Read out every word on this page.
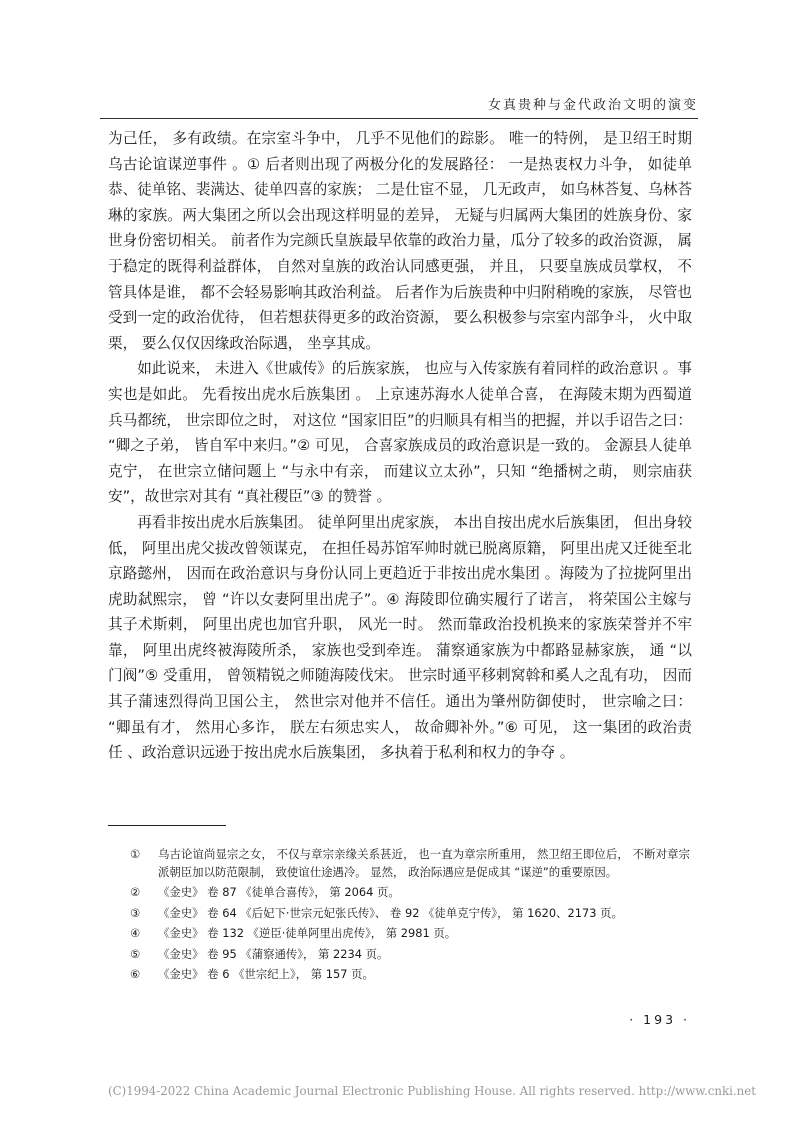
女真贵种与金代政治文明的演变

为己任， 多有政绩。在宗室斗争中， 几乎不见他们的踪影。 唯一的特例， 是卫绍王时期乌古论谊谋逆事件 。① 后者则出现了两极分化的发展路径： 一是热衷权力斗争， 如徒单恭、徒单铭、裴满达、徒单四喜的家族； 二是仕宦不显， 几无政声， 如乌林荅复、乌林荅琳的家族。两大集团之所以会出现这样明显的差异， 无疑与归属两大集团的姓族身份、家世身份密切相关。 前者作为完颜氏皇族最早依靠的政治力量，瓜分了较多的政治资源， 属于稳定的既得利益群体， 自然对皇族的政治认同感更强， 并且， 只要皇族成员掌权， 不管具体是谁， 都不会轻易影响其政治利益。 后者作为后族贵种中归附稍晚的家族， 尽管也受到一定的政治优待， 但若想获得更多的政治资源， 要么积极参与宗室内部争斗， 火中取栗， 要么仅仅因缘政治际遇， 坐享其成。

如此说来， 未进入《世戚传》的后族家族， 也应与入传家族有着同样的政治意识 。事实也是如此。 先看按出虎水后族集团 。 上京速苏海水人徒单合喜， 在海陵末期为西蜀道兵马都统， 世宗即位之时， 对这位 “国家旧臣”的归顺具有相当的把握，并以手诏告之曰： “卿之子弟， 皆自军中来归。”② 可见， 合喜家族成员的政治意识是一致的。 金源县人徒单克宁， 在世宗立储问题上 “与永中有亲， 而建议立太孙”，只知 “绝播树之萌， 则宗庙获安”，故世宗对其有 “真社稷臣”③ 的赞誉 。

再看非按出虎水后族集团。 徒单阿里出虎家族， 本出自按出虎水后族集团， 但出身较低， 阿里出虎父拔改曾领谋克， 在担任曷苏馆军帅时就已脱离原籍， 阿里出虎又迁徙至北京路懿州， 因而在政治意识与身份认同上更趋近于非按出虎水集团 。海陵为了拉拢阿里出虎助弑熙宗， 曾 “许以女妻阿里出虎子”。④ 海陵即位确实履行了诺言， 将荣国公主嫁与其子术斯剌， 阿里出虎也加官升职， 风光一时。 然而靠政治投机换来的家族荣誉并不牢靠， 阿里出虎终被海陵所杀， 家族也受到牵连。 蒲察通家族为中都路显赫家族， 通 “以门阀”⑤ 受重用， 曾领精锐之师随海陵伐宋。 世宗时通平移剌窝斡和奚人之乱有功， 因而其子蒲速烈得尚卫国公主， 然世宗对他并不信任。通出为肇州防御使时， 世宗喻之曰： “卿虽有才， 然用心多诈， 朕左右须忠实人， 故命卿补外。”⑥ 可见， 这一集团的政治责任 、政治意识远逊于按出虎水后族集团， 多执着于私利和权力的争夺 。

①	乌古论谊尚显宗之女， 不仅与章宗亲缘关系甚近， 也一直为章宗所重用， 然卫绍王即位后， 不断对章宗派朝臣加以防范限制， 致使谊仕途遇冷。 显然， 政治际遇应是促成其 “谋逆”的重要原因。
②	《金史》 卷 87 《徒单合喜传》， 第 2064 页。
③	《金史》 卷 64 《后妃下·世宗元妃张氏传》、 卷 92 《徒单克宁传》， 第 1620、2173 页。
④	《金史》 卷 132 《逆臣·徒单阿里出虎传》， 第 2981 页。
⑤	《金史》 卷 95 《蒲察通传》， 第 2234 页。
⑥	《金史》 卷 6 《世宗纪上》， 第 157 页。
· 193 ·
(C)1994-2022 China Academic Journal Electronic Publishing House. All rights reserved. http://www.cnki.net
